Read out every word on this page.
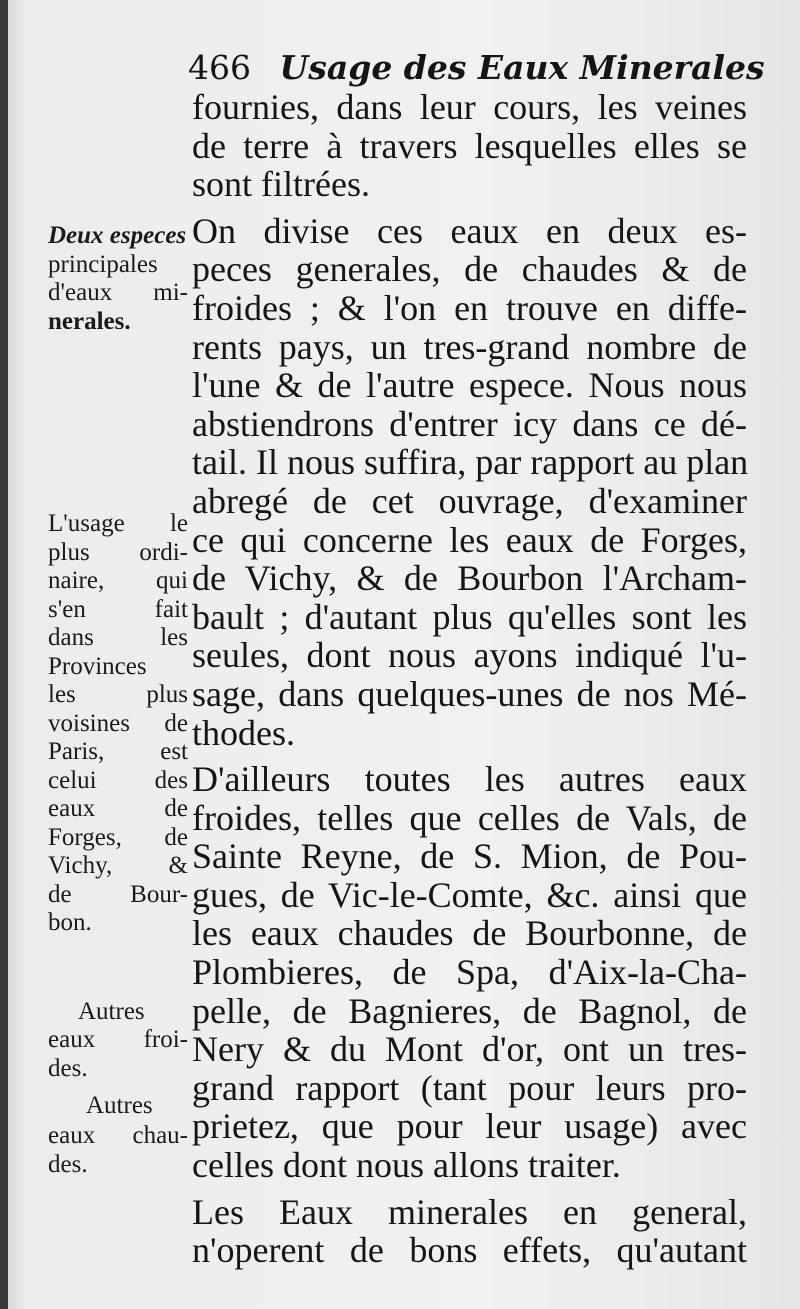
466 Usage des Eaux Minerales
fournies, dans leur cours, les veines
de terre à travers lesquelles elles se
sont filtrées.
On divise ces eaux en deux es-
peces generales, de chaudes & de
froides ; & l'on en trouve en diffe-
rents pays, un tres-grand nombre de
l'une & de l'autre espece. Nous nous
abstiendrons d'entrer icy dans ce dé-
tail. Il nous suffira, par rapport au plan
abregé de cet ouvrage, d'examiner
ce qui concerne les eaux de Forges,
de Vichy, & de Bourbon l'Archam-
bault ; d'autant plus qu'elles sont les
seules, dont nous ayons indiqué l'u-
sage, dans quelques-unes de nos Mé-
thodes.
D'ailleurs toutes les autres eaux
froides, telles que celles de Vals, de
Sainte Reyne, de S. Mion, de Pou-
gues, de Vic-le-Comte, &c. ainsi que
les eaux chaudes de Bourbonne, de
Plombieres, de Spa, d'Aix-la-Cha-
pelle, de Bagnieres, de Bagnol, de
Nery & du Mont d'or, ont un tres-
grand rapport (tant pour leurs pro-
prietez, que pour leur usage) avec
celles dont nous allons traiter.
Les Eaux minerales en general,
n'operent de bons effets, qu'autant
Deux especes
principales
d'eaux mi-
nerales.
L'usage le
plus ordi-
naire, qui
s'en fait
dans les
Provinces
les plus
voisines de
Paris, est
celui des
eaux de
Forges, de
Vichy, &
de Bour-
bon.
Autres
eaux froi-
des.
Autres
eaux chau-
des.
